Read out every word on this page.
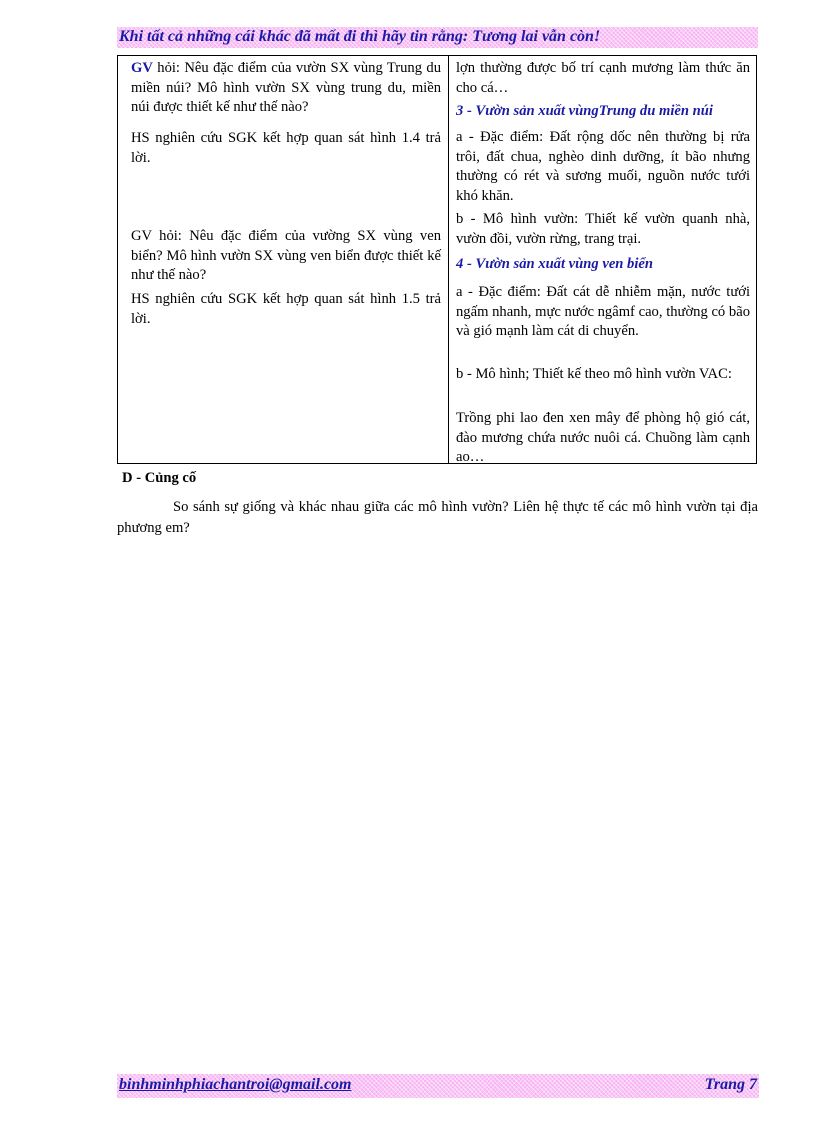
Khi tất cả những cái khác đã mất đi thì hãy tin rằng: Tương lai vẫn còn!

GV hỏi: Nêu đặc điểm của vườn SX vùng Trung du miền núi? Mô hình vườn SX vùng trung du, miền núi được thiết kế như thế nào?

HS nghiên cứu SGK kết hợp quan sát hình 1.4 trả lời.

GV hỏi: Nêu đặc điểm của vường SX vùng ven biển? Mô hình vườn SX vùng ven biển được thiết kế như thế nào?

HS nghiên cứu SGK kết hợp quan sát hình 1.5 trả lời.

lợn thường được bố trí cạnh mương làm thức ăn cho cá…

3 - Vườn sản xuất vùngTrung du miền núi

a - Đặc điểm: Đất rộng dốc nên thường bị rửa trôi, đất chua, nghèo dinh dưỡng, ít bão nhưng thường có rét và sương muối, nguồn nước tưới khó khăn.

b - Mô hình vườn: Thiết kế vườn quanh nhà, vườn đồi, vườn rừng, trang trại.

4 - Vườn sản xuất vùng ven biển

a - Đặc điểm: Đất cát dễ nhiễm mặn, nước tưới ngấm nhanh, mực nước ngâmf cao, thường có bão và gió mạnh làm cát di chuyển.

b - Mô hình; Thiết kế theo mô hình vườn VAC:

Trồng phi lao đen xen mây để phòng hộ gió cát, đào mương chứa nước nuôi cá. Chuồng làm cạnh ao…

D - Củng cố

So sánh sự giống và khác nhau giữa các mô hình vườn? Liên hệ thực tế các mô hình vườn tại địa phương em?

binhminhphiachantroi@gmail.com	Trang 7
